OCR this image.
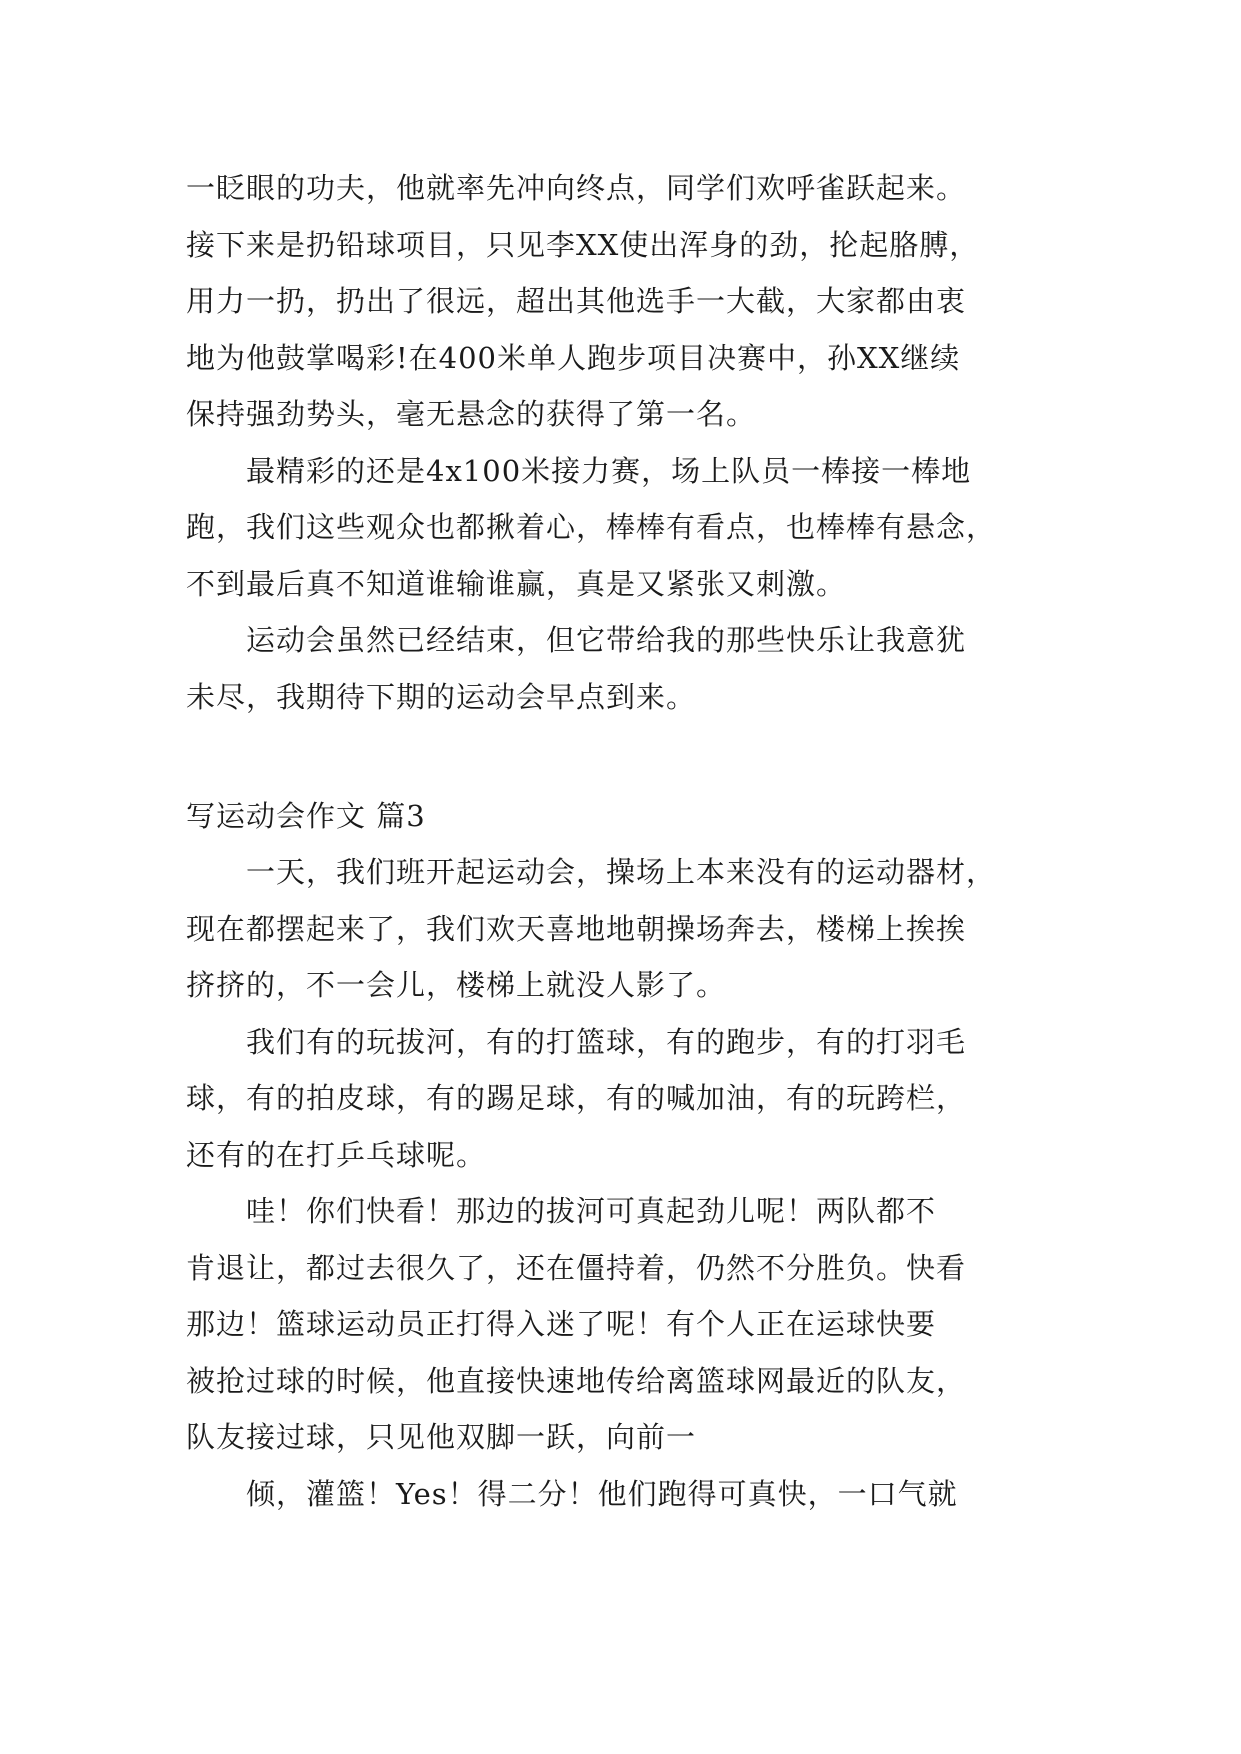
一眨眼的功夫，他就率先冲向终点，同学们欢呼雀跃起来。
接下来是扔铅球项目，只见李XX使出浑身的劲，抡起胳膊，
用力一扔，扔出了很远，超出其他选手一大截，大家都由衷
地为他鼓掌喝彩!在400米单人跑步项目决赛中，孙XX继续
保持强劲势头，毫无悬念的获得了第一名。
　　最精彩的还是4x100米接力赛，场上队员一棒接一棒地
跑，我们这些观众也都揪着心，棒棒有看点，也棒棒有悬念，
不到最后真不知道谁输谁赢，真是又紧张又刺激。
　　运动会虽然已经结束，但它带给我的那些快乐让我意犹
未尽，我期待下期的运动会早点到来。
写运动会作文 篇3
　　一天，我们班开起运动会，操场上本来没有的运动器材，
现在都摆起来了，我们欢天喜地地朝操场奔去，楼梯上挨挨
挤挤的，不一会儿，楼梯上就没人影了。
　　我们有的玩拔河，有的打篮球，有的跑步，有的打羽毛
球，有的拍皮球，有的踢足球，有的喊加油，有的玩跨栏，
还有的在打乒乓球呢。
　　哇！你们快看！那边的拔河可真起劲儿呢！两队都不
肯退让，都过去很久了，还在僵持着，仍然不分胜负。快看
那边！篮球运动员正打得入迷了呢！有个人正在运球快要
被抢过球的时候，他直接快速地传给离篮球网最近的队友，
队友接过球，只见他双脚一跃，向前一
　　倾，灌篮！Yes！得二分！他们跑得可真快，一口气就
